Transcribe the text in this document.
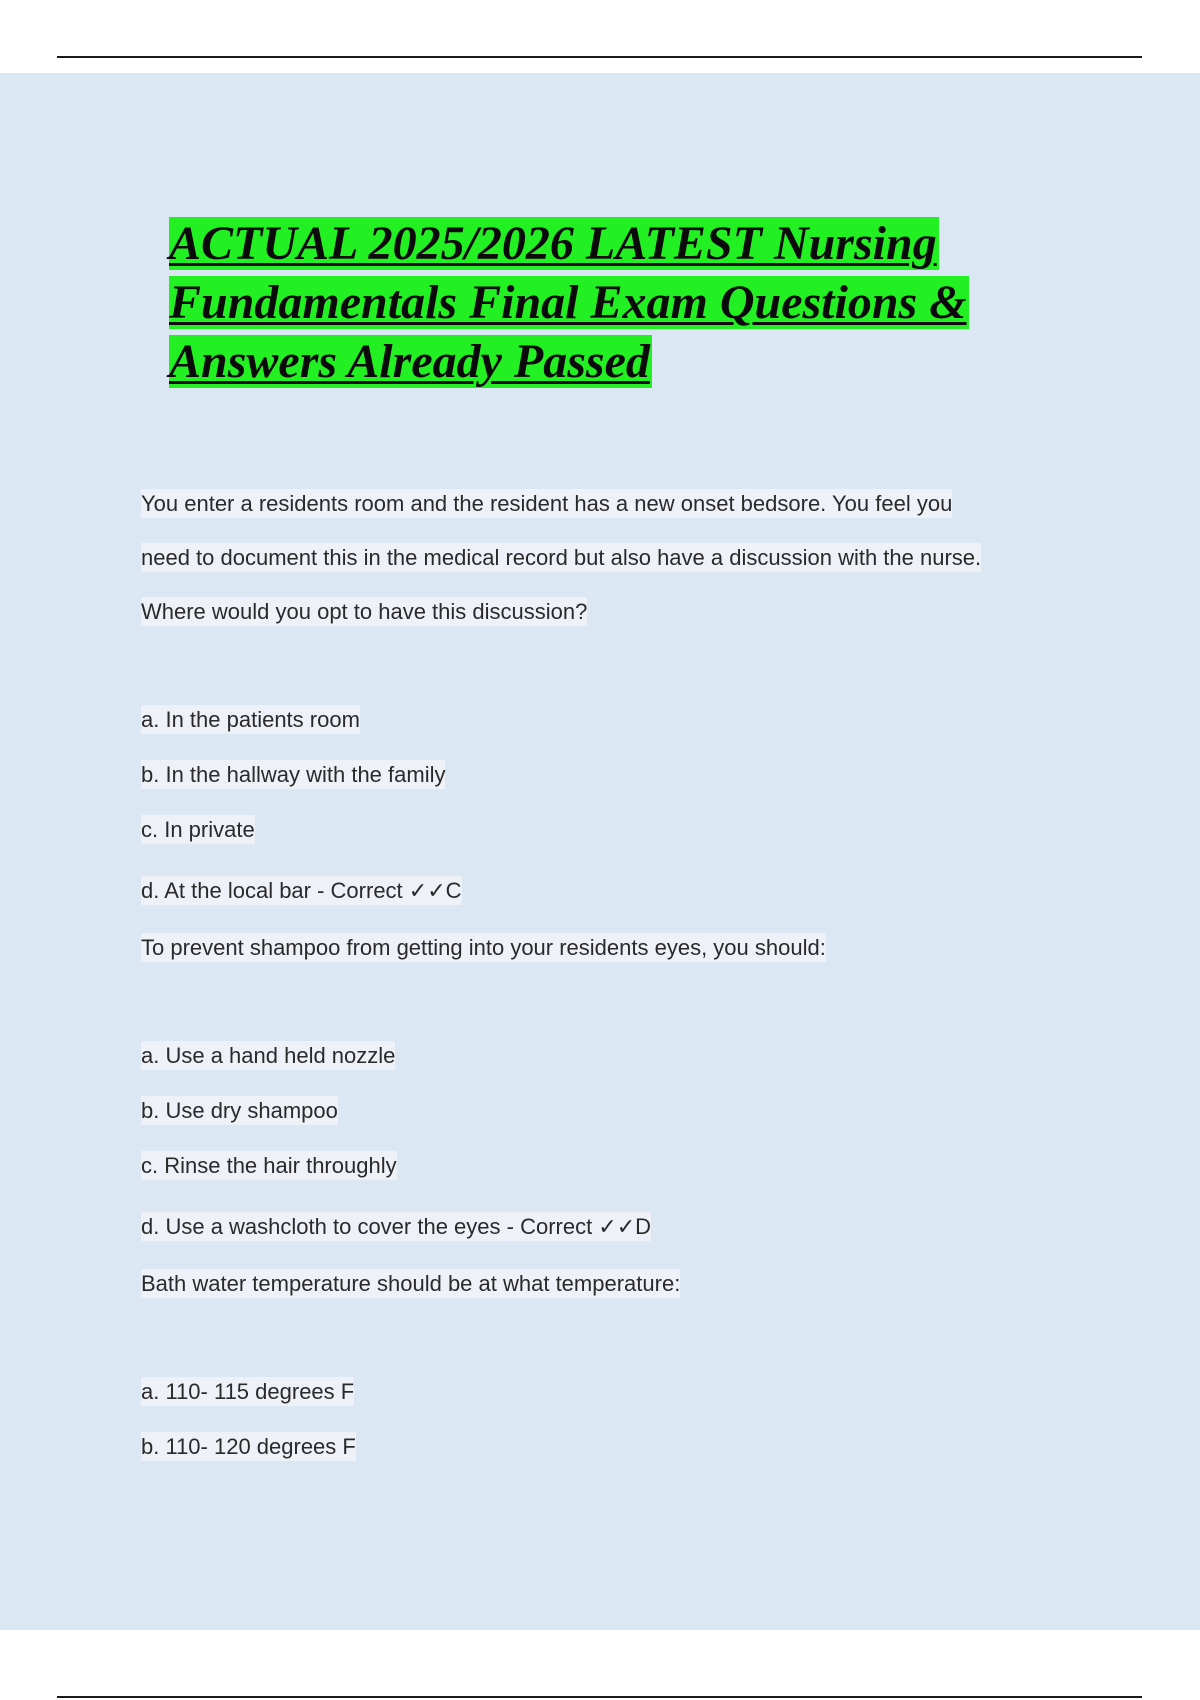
ACTUAL 2025/2026 LATEST Nursing
Fundamentals Final Exam Questions &
Answers Already Passed

You enter a residents room and the resident has a new onset bedsore. You feel you

need to document this in the medical record but also have a discussion with the nurse.

Where would you opt to have this discussion?

a. In the patients room

b. In the hallway with the family

c. In private

d. At the local bar - Correct ✓✓C

To prevent shampoo from getting into your residents eyes, you should:

a. Use a hand held nozzle

b. Use dry shampoo

c. Rinse the hair throughly

d. Use a washcloth to cover the eyes - Correct ✓✓D

Bath water temperature should be at what temperature:

a. 110- 115 degrees F

b. 110- 120 degrees F
